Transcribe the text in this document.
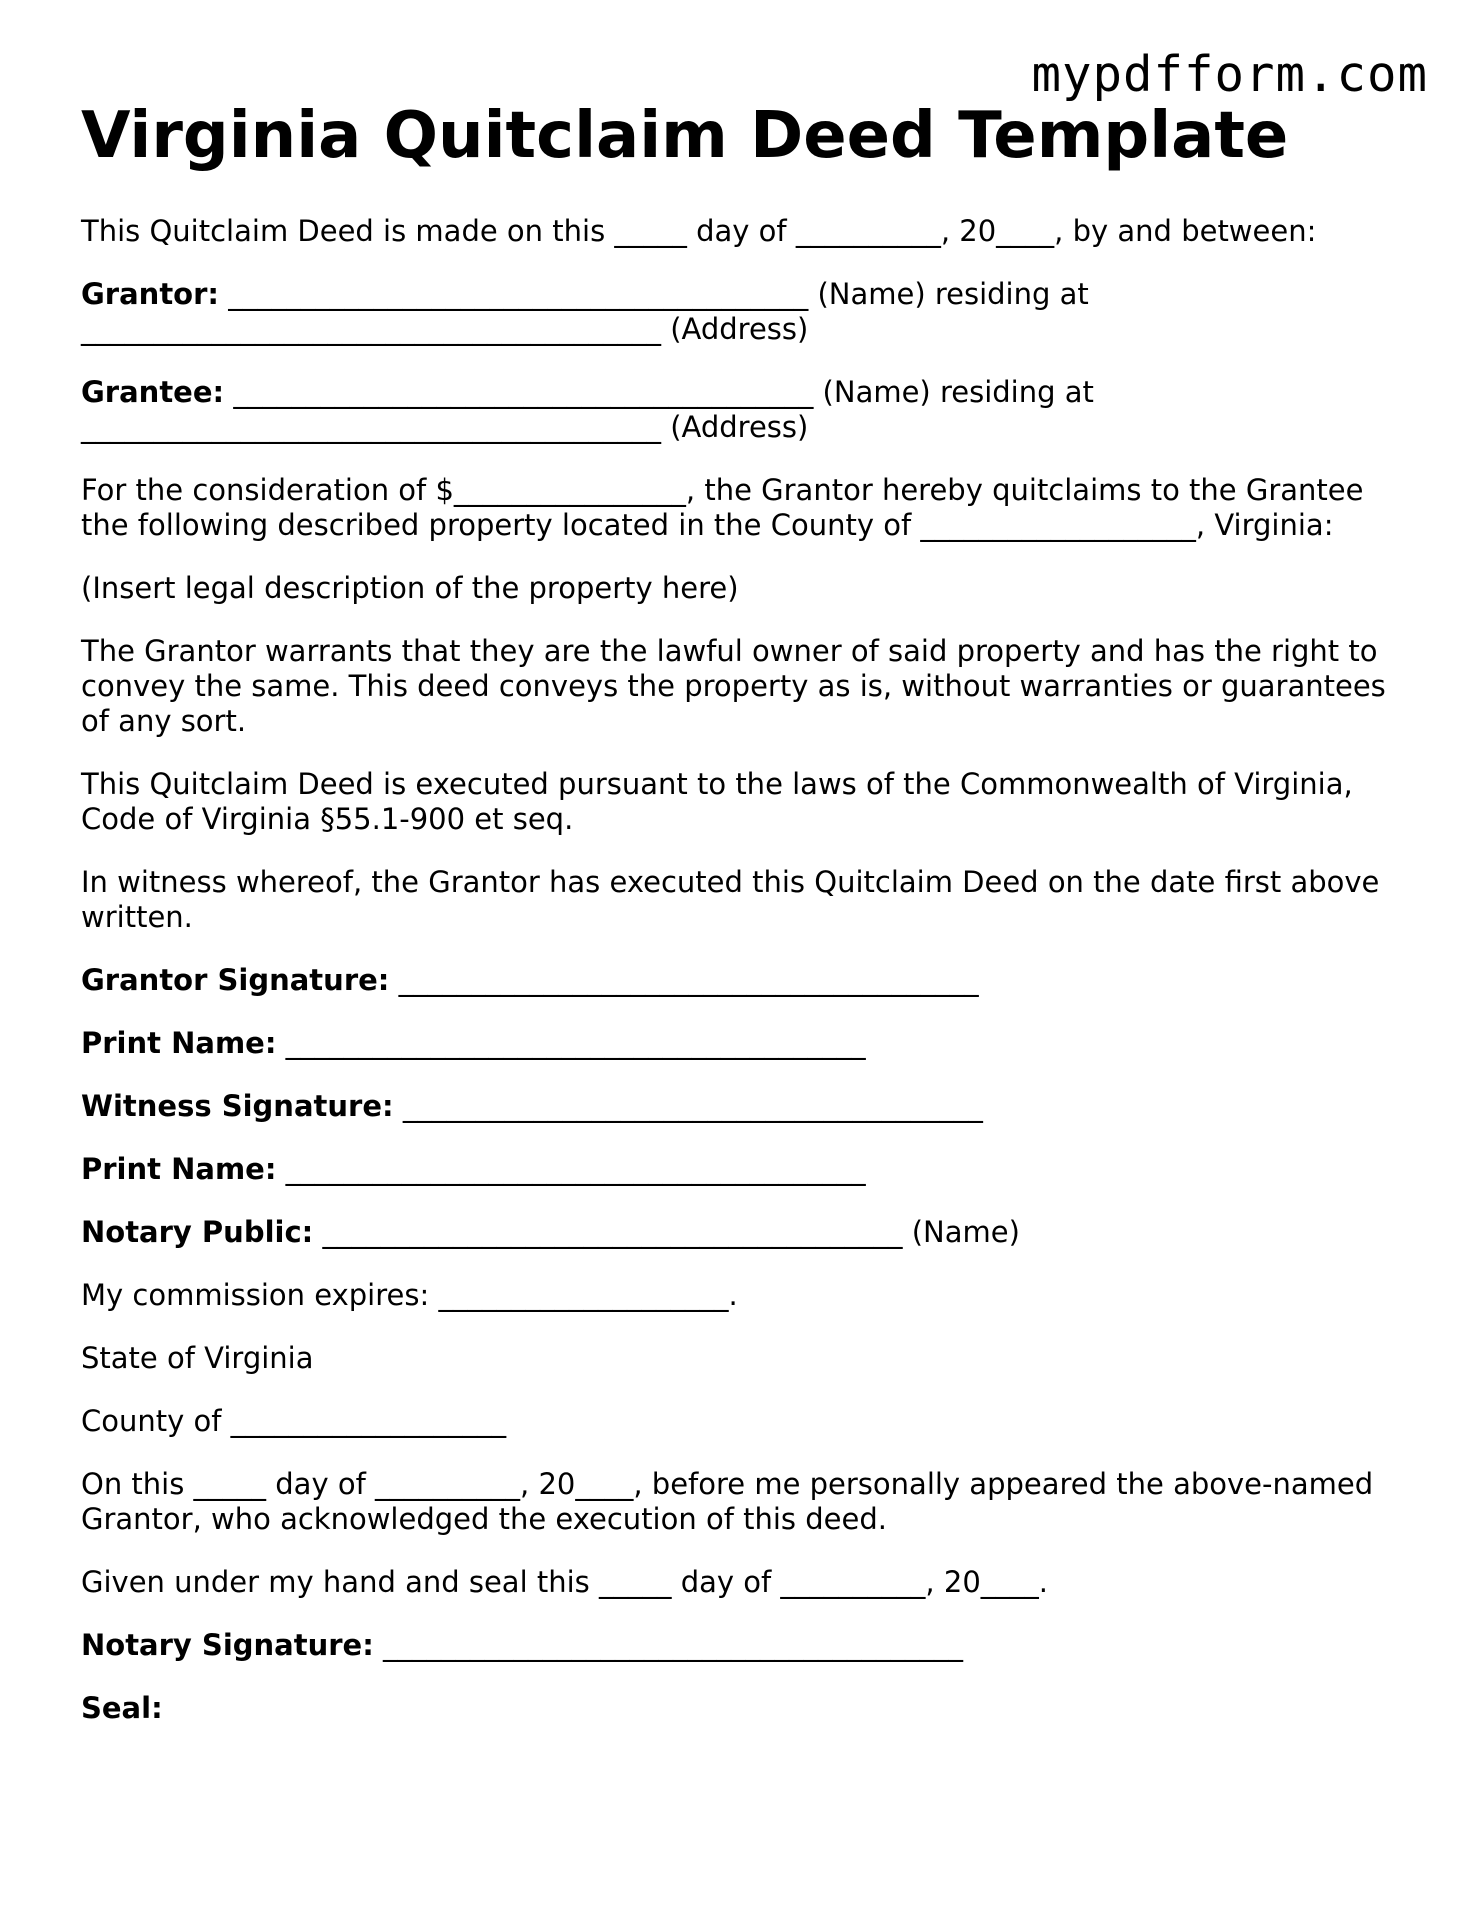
mypdfform.com
Virginia Quitclaim Deed Template

This Quitclaim Deed is made on this _____ day of __________, 20____, by and between:

Grantor: ________________________________________ (Name) residing at
________________________________________ (Address)

Grantee: ________________________________________ (Name) residing at
________________________________________ (Address)

For the consideration of $________________, the Grantor hereby quitclaims to the Grantee
the following described property located in the County of ___________________, Virginia:

(Insert legal description of the property here)

The Grantor warrants that they are the lawful owner of said property and has the right to
convey the same. This deed conveys the property as is, without warranties or guarantees
of any sort.

This Quitclaim Deed is executed pursuant to the laws of the Commonwealth of Virginia,
Code of Virginia §55.1-900 et seq.

In witness whereof, the Grantor has executed this Quitclaim Deed on the date first above
written.

Grantor Signature: ________________________________________

Print Name: ________________________________________

Witness Signature: ________________________________________

Print Name: ________________________________________

Notary Public: ________________________________________ (Name)

My commission expires: ____________________.

State of Virginia

County of ___________________

On this _____ day of __________, 20____, before me personally appeared the above-named
Grantor, who acknowledged the execution of this deed.

Given under my hand and seal this _____ day of __________, 20____.

Notary Signature: ________________________________________

Seal:
